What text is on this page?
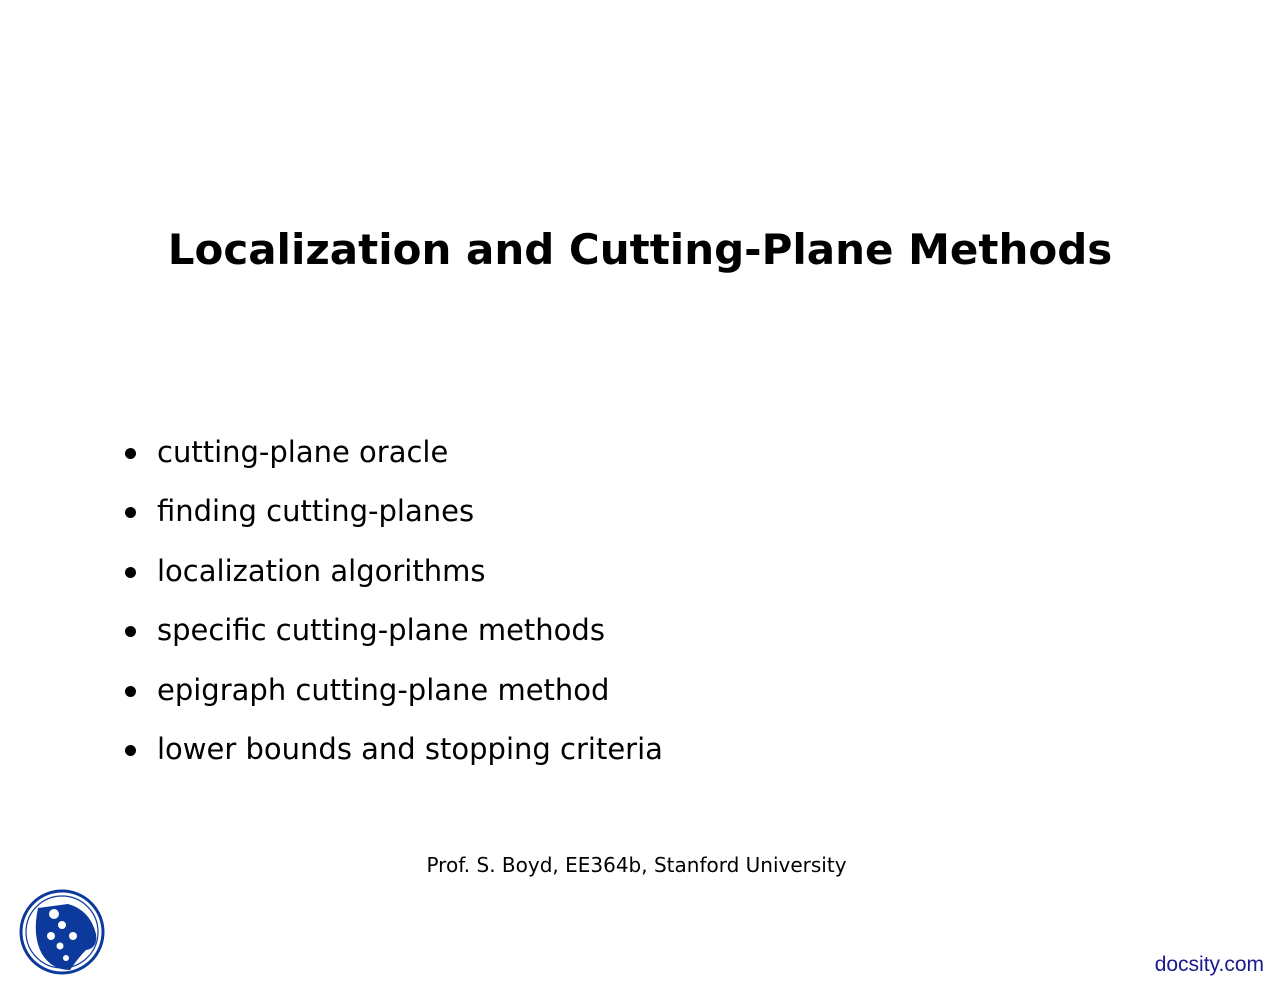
Localization and Cutting-Plane Methods
cutting-plane oracle
finding cutting-planes
localization algorithms
specific cutting-plane methods
epigraph cutting-plane method
lower bounds and stopping criteria

Prof. S. Boyd, EE364b, Stanford University

docsity.com
